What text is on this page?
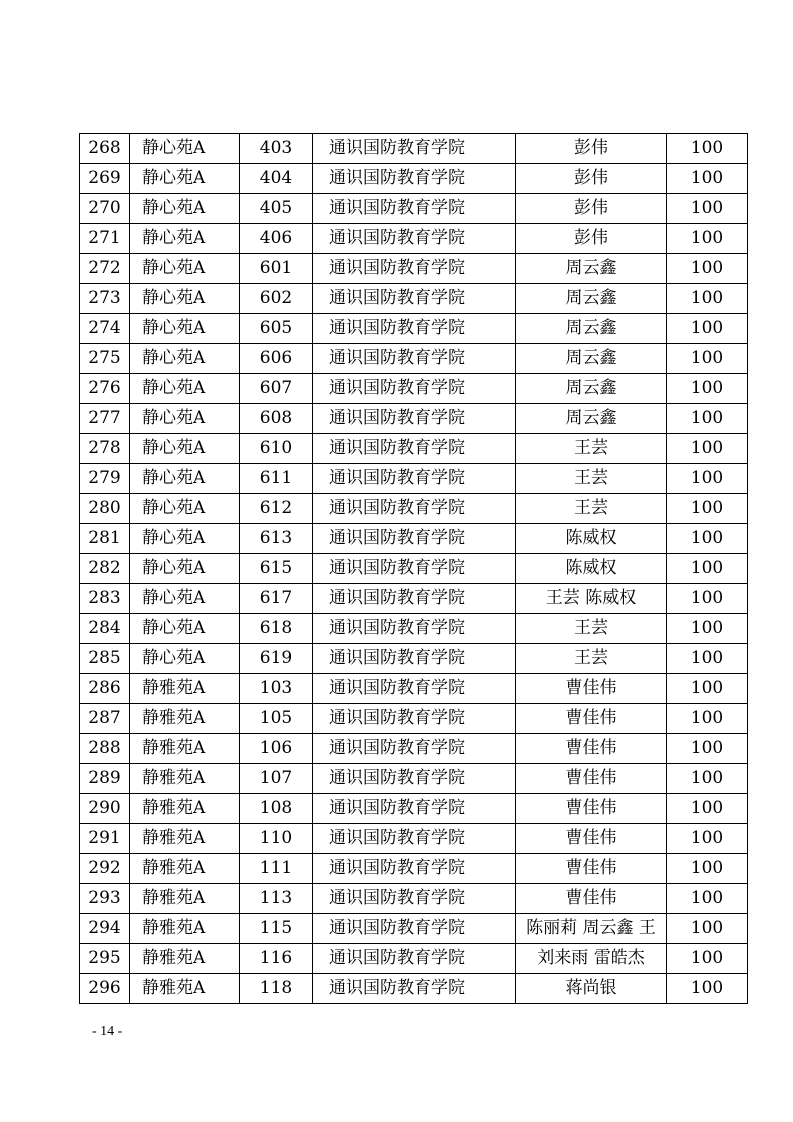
268	静心苑A	403	通识国防教育学院	彭伟	100
269	静心苑A	404	通识国防教育学院	彭伟	100
270	静心苑A	405	通识国防教育学院	彭伟	100
271	静心苑A	406	通识国防教育学院	彭伟	100
272	静心苑A	601	通识国防教育学院	周云鑫	100
273	静心苑A	602	通识国防教育学院	周云鑫	100
274	静心苑A	605	通识国防教育学院	周云鑫	100
275	静心苑A	606	通识国防教育学院	周云鑫	100
276	静心苑A	607	通识国防教育学院	周云鑫	100
277	静心苑A	608	通识国防教育学院	周云鑫	100
278	静心苑A	610	通识国防教育学院	王芸	100
279	静心苑A	611	通识国防教育学院	王芸	100
280	静心苑A	612	通识国防教育学院	王芸	100
281	静心苑A	613	通识国防教育学院	陈威权	100
282	静心苑A	615	通识国防教育学院	陈威权	100
283	静心苑A	617	通识国防教育学院	王芸 陈威权	100
284	静心苑A	618	通识国防教育学院	王芸	100
285	静心苑A	619	通识国防教育学院	王芸	100
286	静雅苑A	103	通识国防教育学院	曹佳伟	100
287	静雅苑A	105	通识国防教育学院	曹佳伟	100
288	静雅苑A	106	通识国防教育学院	曹佳伟	100
289	静雅苑A	107	通识国防教育学院	曹佳伟	100
290	静雅苑A	108	通识国防教育学院	曹佳伟	100
291	静雅苑A	110	通识国防教育学院	曹佳伟	100
292	静雅苑A	111	通识国防教育学院	曹佳伟	100
293	静雅苑A	113	通识国防教育学院	曹佳伟	100
294	静雅苑A	115	通识国防教育学院	陈丽莉 周云鑫 王	100
295	静雅苑A	116	通识国防教育学院	刘来雨 雷皓杰	100
296	静雅苑A	118	通识国防教育学院	蒋尚银	100
- 14 -
